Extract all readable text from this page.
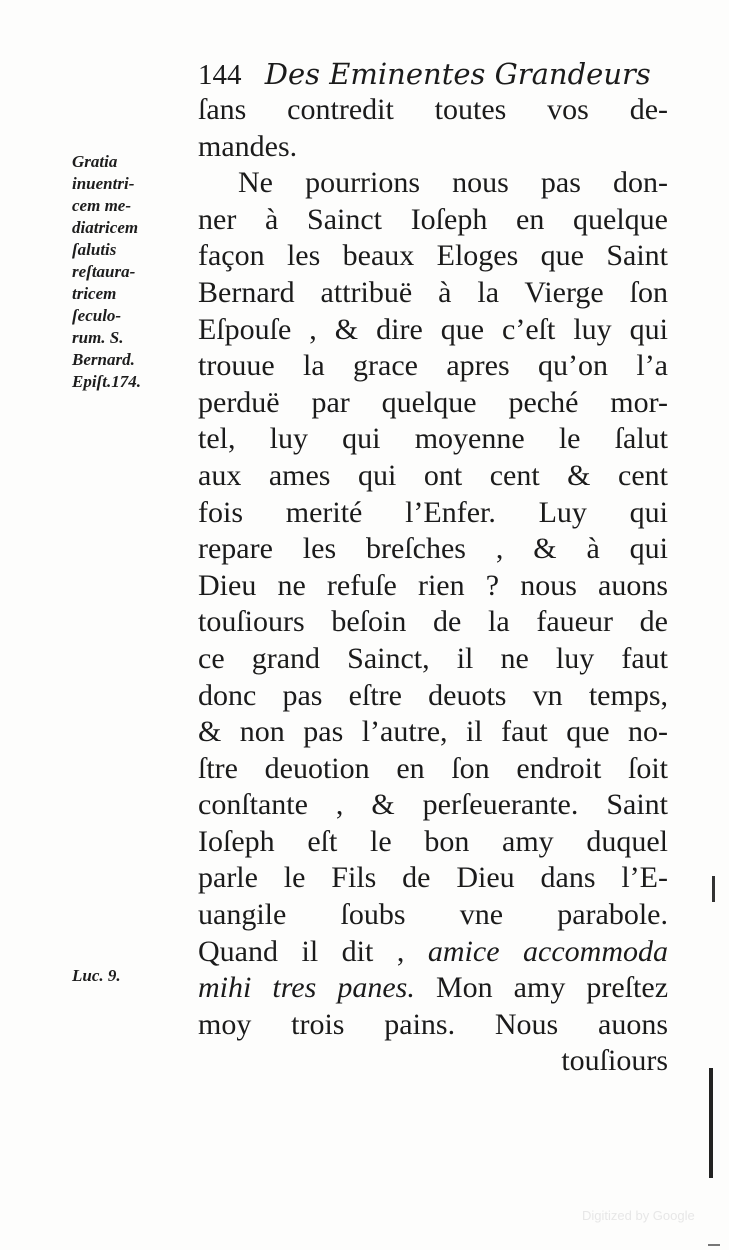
144 Des Eminentes Grandeurs
ſans contredit toutes vos de-
mandes.
Ne pourrions nous pas don-
ner à Sainct Ioſeph en quelque
façon les beaux Eloges que Saint
Bernard attribuë à la Vierge ſon
Eſpouſe , & dire que c’eſt luy qui
trouue la grace apres qu’on l’a
perduë par quelque peché mor-
tel, luy qui moyenne le ſalut
aux ames qui ont cent & cent
fois merité l’Enfer. Luy qui
repare les breſches , & à qui
Dieu ne refuſe rien ? nous auons
touſiours beſoin de la faueur de
ce grand Sainct, il ne luy faut
donc pas eſtre deuots vn temps,
& non pas l’autre, il faut que no-
ſtre deuotion en ſon endroit ſoit
conſtante , & perſeuerante. Saint
Ioſeph eſt le bon amy duquel
parle le Fils de Dieu dans l’E-
uangile ſoubs vne parabole.
Quand il dit , amice accommoda
mihi tres panes. Mon amy preſtez
moy trois pains. Nous auons
touſiours
Gratia
inuentri-
cem me-
diatricem
ſalutis
reſtaura-
tricem
ſeculo-
rum. S.
Bernard.
Epiſt.174.
Luc. 9.
Digitized by Google
